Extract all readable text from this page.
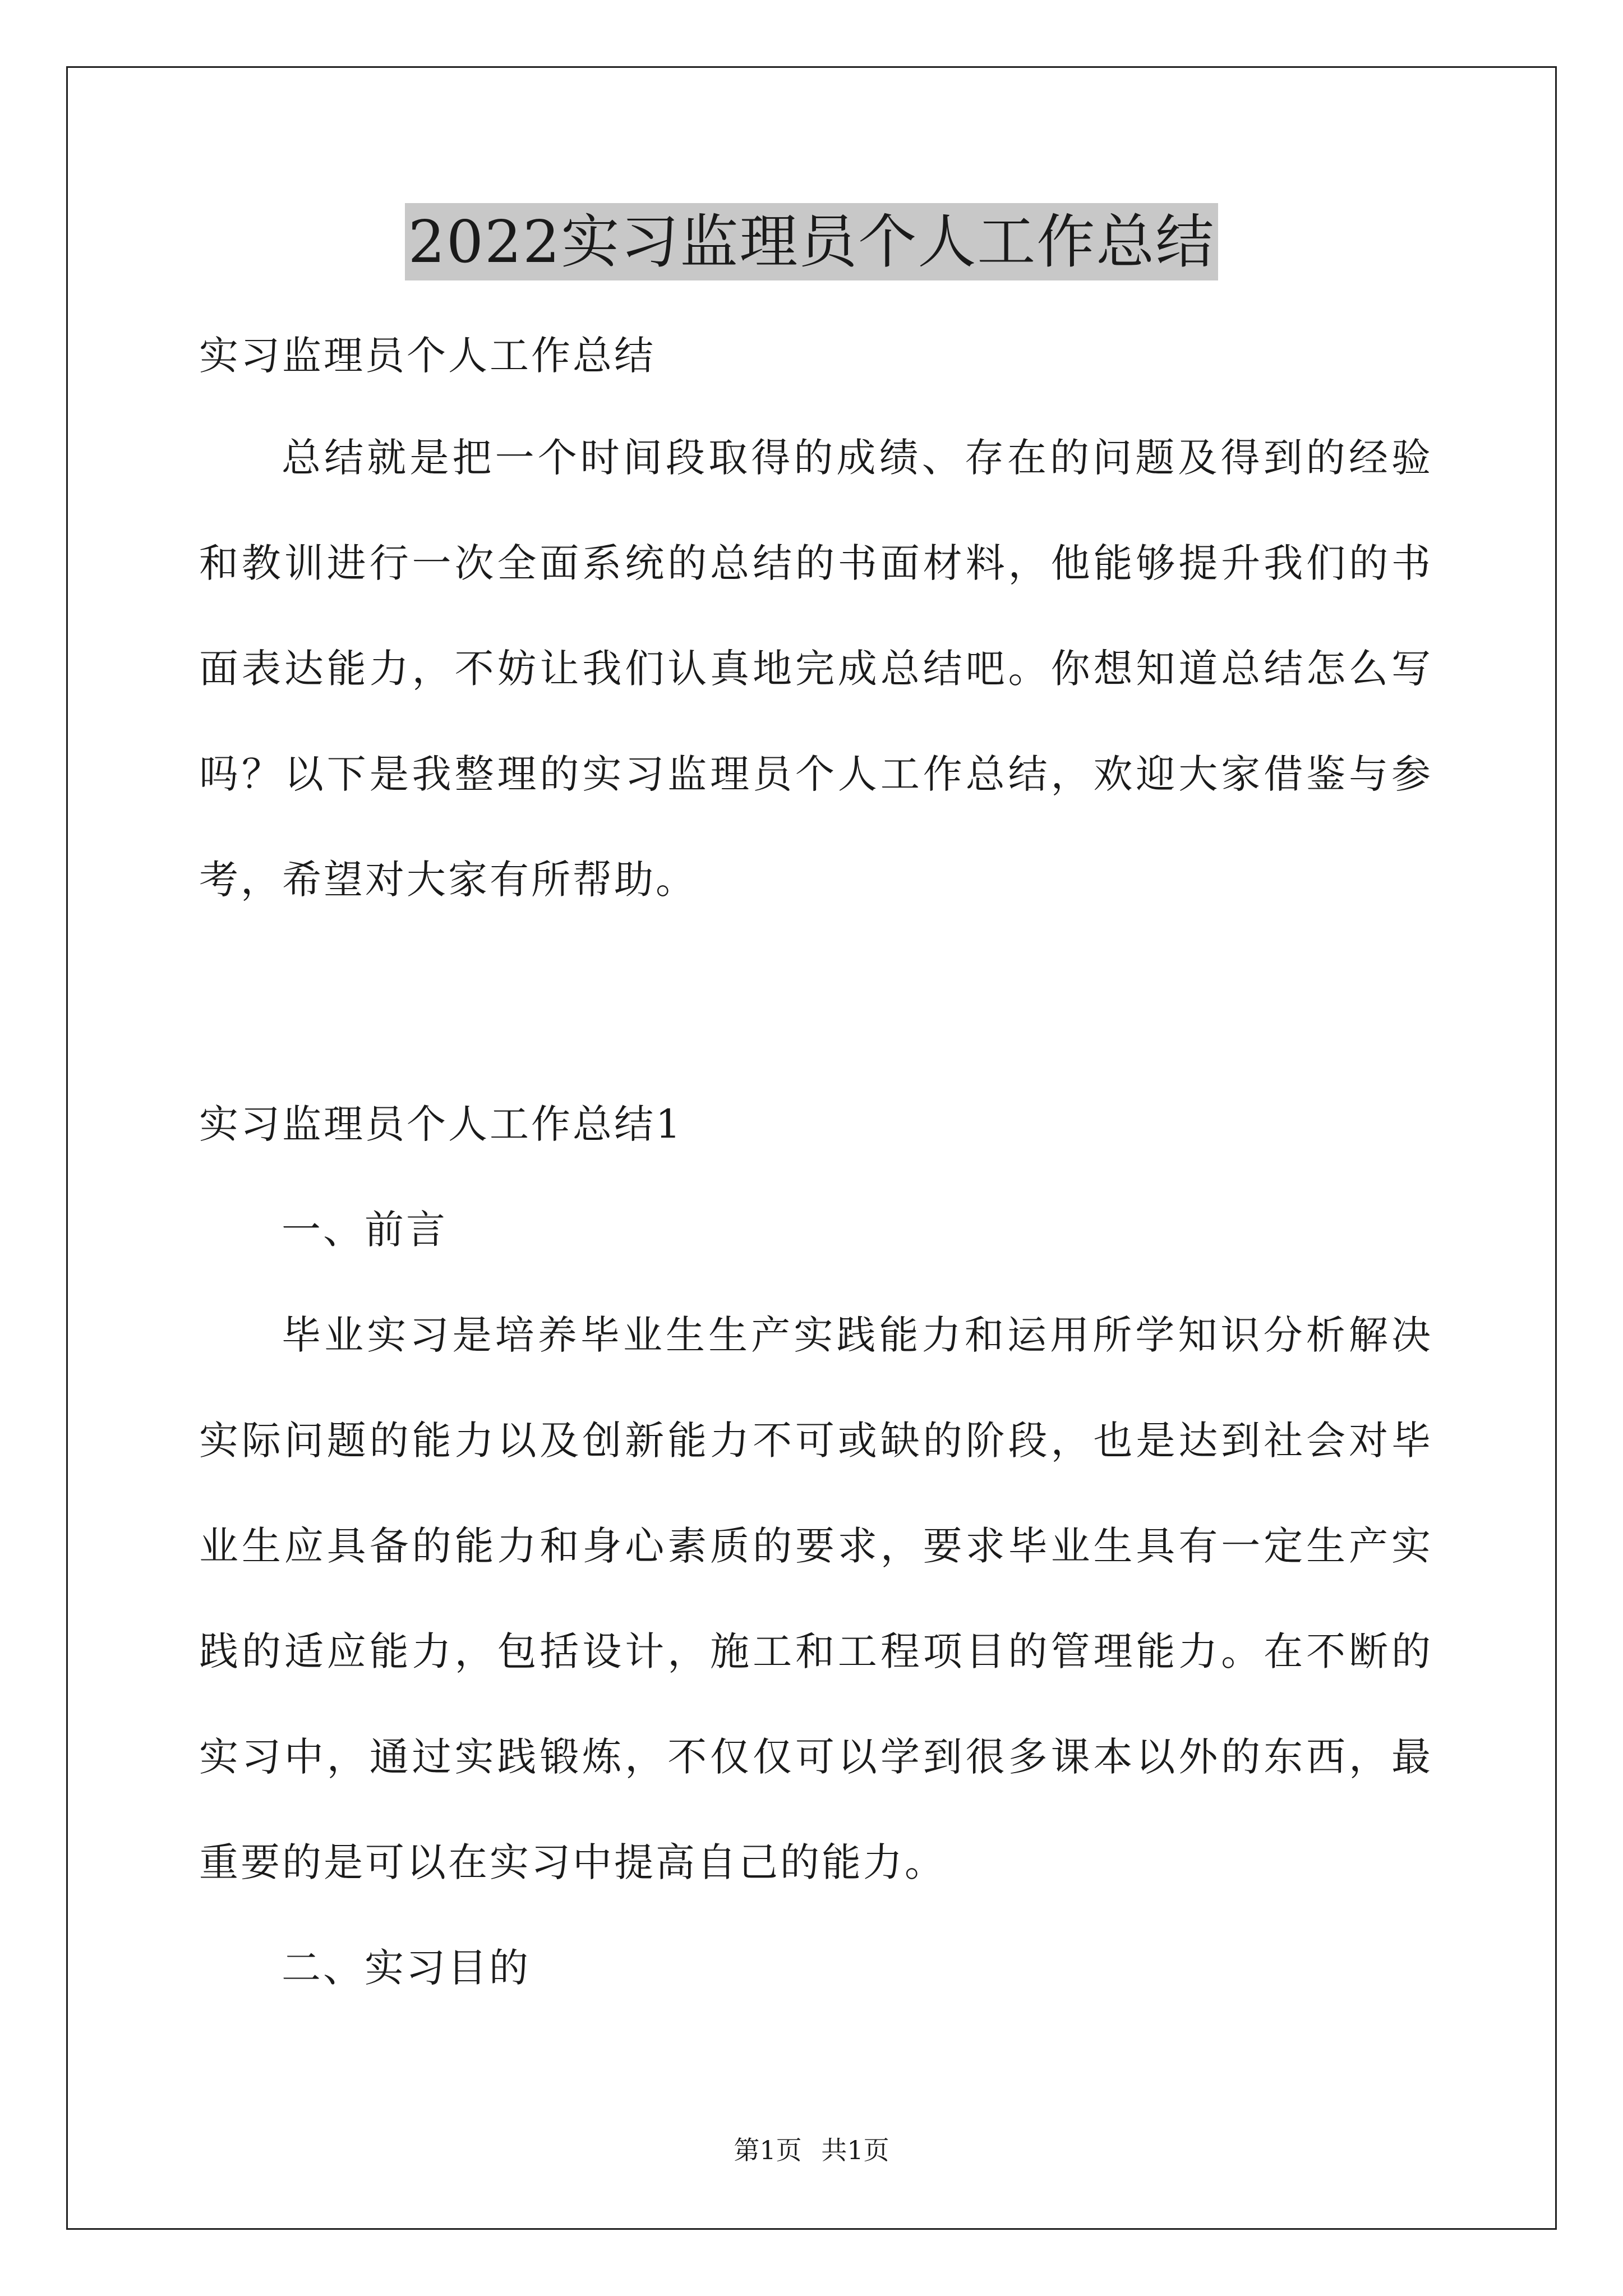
2022实习监理员个人工作总结

实习监理员个人工作总结

总结就是把一个时间段取得的成绩、存在的问题及得到的经验和教训进行一次全面系统的总结的书面材料，他能够提升我们的书面表达能力，不妨让我们认真地完成总结吧。你想知道总结怎么写吗？以下是我整理的实习监理员个人工作总结，欢迎大家借鉴与参考，希望对大家有所帮助。

实习监理员个人工作总结1

一、前言

毕业实习是培养毕业生生产实践能力和运用所学知识分析解决实际问题的能力以及创新能力不可或缺的阶段，也是达到社会对毕业生应具备的能力和身心素质的要求，要求毕业生具有一定生产实践的适应能力，包括设计，施工和工程项目的管理能力。在不断的实习中，通过实践锻炼，不仅仅可以学到很多课本以外的东西，最重要的是可以在实习中提高自己的能力。

二、实习目的

第1页 共1页
